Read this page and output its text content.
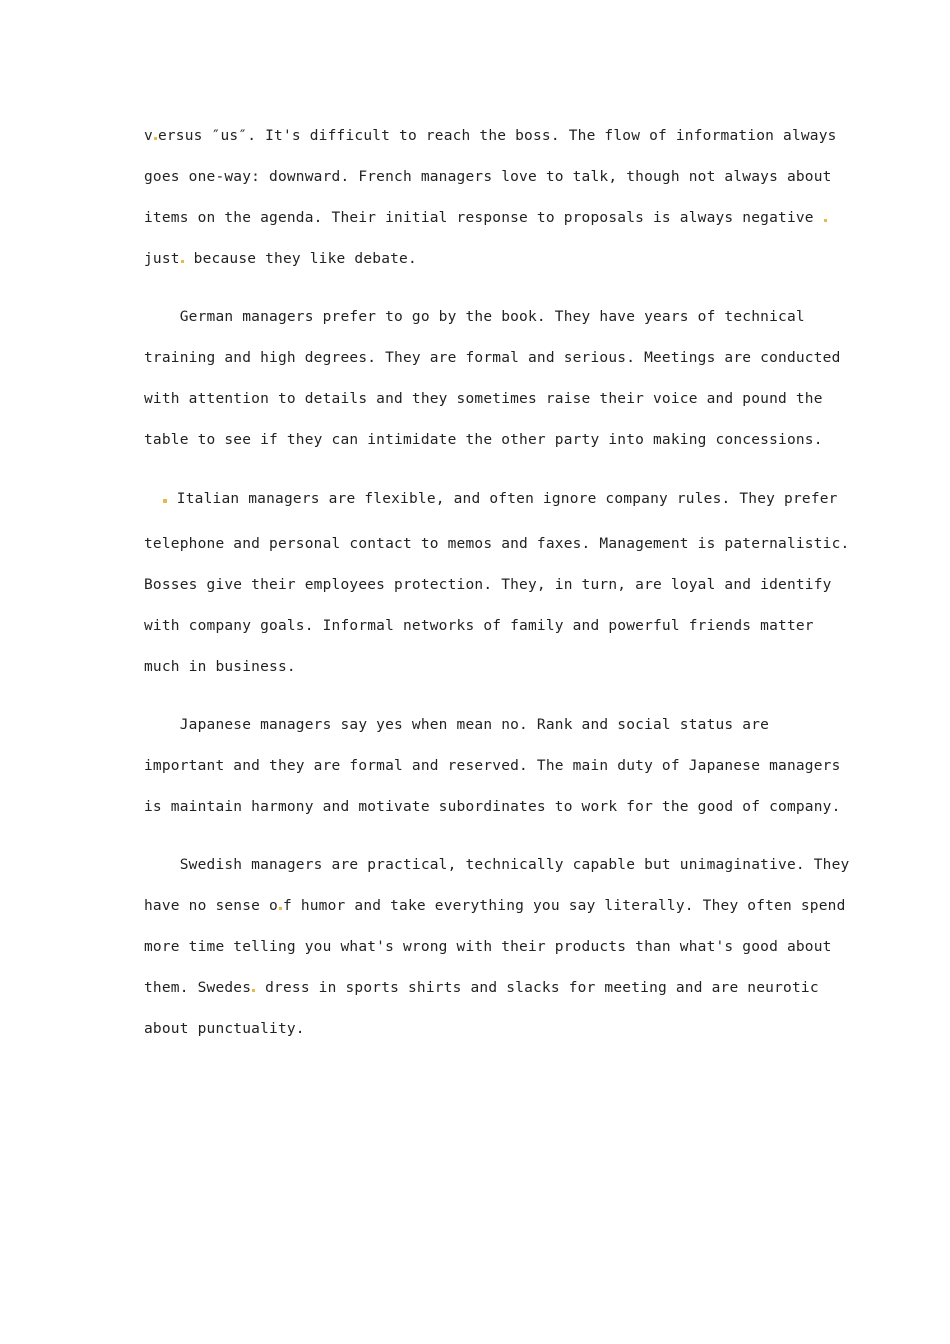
v ersus ″us″. It's difficult to reach the boss. The flow of information always
goes one-way: downward. French managers love to talk, though not always about
items on the agenda. Their initial response to proposals is always negative
just because they like debate.
German managers prefer to go by the book. They have years of technical
training and high degrees. They are formal and serious. Meetings are conducted
with attention to details and they sometimes raise their voice and pound the
table to see if they can intimidate the other party into making concessions.
Italian managers are flexible, and often ignore company rules. They prefer
telephone and personal contact to memos and faxes. Management is paternalistic.
Bosses give their employees protection. They, in turn, are loyal and identify
with company goals. Informal networks of family and powerful friends matter
much in business.
Japanese managers say yes when mean no. Rank and social status are
important and they are formal and reserved. The main duty of Japanese managers
is maintain harmony and motivate subordinates to work for the good of company.
Swedish managers are practical, technically capable but unimaginative. They
have no sense o f humor and take everything you say literally. They often spend
more time telling you what's wrong with their products than what's good about
them. Swedes dress in sports shirts and slacks for meeting and are neurotic
about punctuality.
